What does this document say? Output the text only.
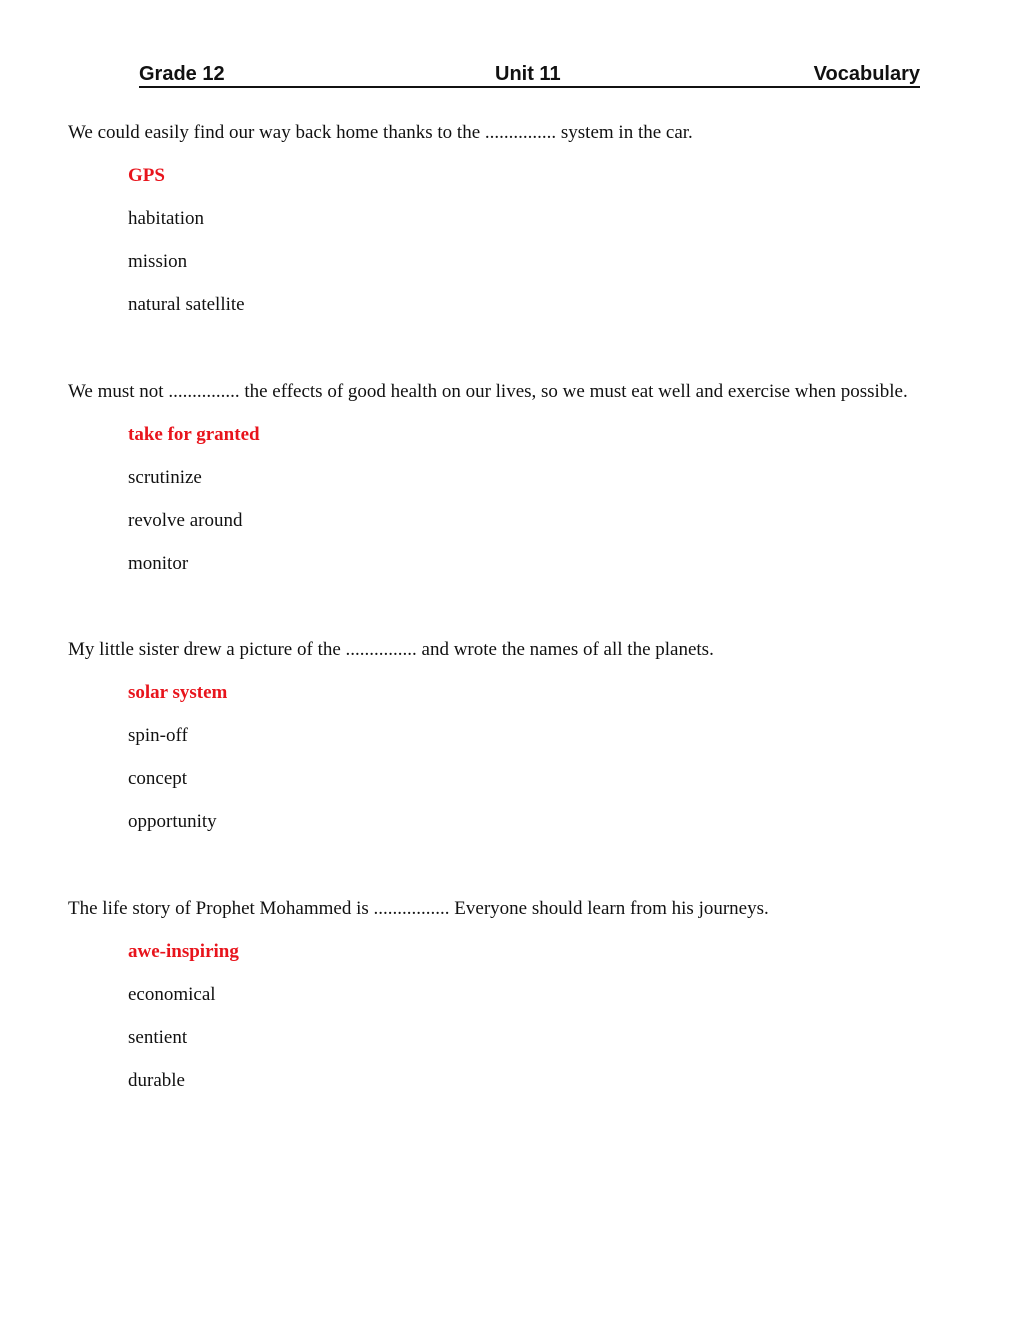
Grade 12	Unit 11	Vocabulary

We could easily find our way back home thanks to the ............... system in the car.

GPS
habitation
mission
natural satellite

We must not ............... the effects of good health on our lives, so we must eat well and exercise when possible.

take for granted
scrutinize
revolve around
monitor

My little sister drew a picture of the ............... and wrote the names of all the planets.

solar system
spin-off
concept
opportunity

The life story of Prophet Mohammed is ................ Everyone should learn from his journeys.

awe-inspiring
economical
sentient
durable
